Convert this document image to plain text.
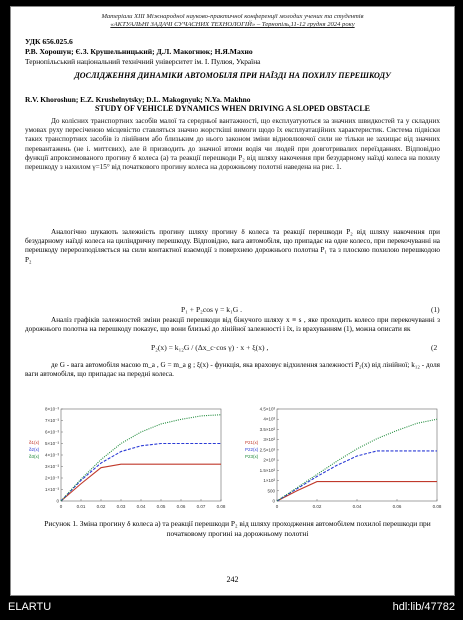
Матеріали XIII Міжнародної науково-практичної конференції молодих учених та студентів
«АКТУАЛЬНІ ЗАДАЧІ СУЧАСНИХ ТЕХНОЛОГІЙ» – Тернопіль,11-12 грудня 2024 року
УДК 656.025.6
Р.В. Хорошун; Є.З. Крушельницький; Д.Л. Макогнюк; Н.Я.Махно
Тернопільський національний технічний університет ім. І. Пулюя, Україна
ДОСЛІДЖЕННЯ ДИНАМІКИ АВТОМОБІЛЯ ПРИ НАЇЗДІ НА ПОХИЛУ ПЕРЕШКОДУ
R.V. Khoroshun; E.Z. Krushelnytsky; D.L. Makognyuk; N.Ya. Makhno
STUDY OF VEHICLE DYNAMICS WHEN DRIVING A SLOPED OBSTACLE

До колісних транспортних засобів малої та середньої вантажності, що експлуатуються за значних швидкостей та у складних умовах руху пересіченою місцевістю ставляться значно жорсткіші вимоги щодо їх експлуатаційних характеристик. Система підвіски таких транспортних засобів із лінійним або близьким до нього законом зміни відновлюючої сили не тільки не захищає від значних перевантажень (не і. миттєвих), але й призводить до значної втоми водія чи людей при довготривалих переїзданнях. Відповідно функції апроксимованого прогину δ колеса (а) та реакції перешкоди P₂ від шляху накочення при безударному наїзді колеса на похилу перешкоду з нахилом γ=15° від початкового прогину колеса на дорожньому полотні наведена на рис. 1.

Аналогічно шукають залежність прогину шляху прогину δ колеса та реакції перешкоди P₂ від шляху накочення при безударному наїзді колеса на циліндричну перешкоду. Відповідно, вага автомобіля, що припадає на одне колесо, при перекочуванні на перешкоду перерозподіляється на сили контактної взаємодії з поверхнею дорожнього полотна P₁ та з плоскою похилою перешкодою P₂

P₁ + P₂cos γ = k₁G .	(1)

Аналіз графіків залежностей зміни реакції перешкоди від біжучого шляху x ≡ s , яке проходить колесо при перекочуванні з дорожнього полотна на перешкоду показує, що вони близькі до лінійної залежності і їх, із врахуванням (1), можна описати як

P₂(x) = k₁₂G / (Δx_c·cos γ) · x + ξ(x) ,	(2

де G - вага автомобіля масою m_a , G = m_a g ; ξ(x) - функція, яка враховує відхилення залежності P₂(x) від лінійної; k₁₂ - доля ваги автомобіля, що припадає на передні колеса.

0
1×10⁻³
2×10⁻³
3×10⁻³
4×10⁻³
5×10⁻³
6×10⁻³
7×10⁻³
8×10⁻³
0	0.01 0.02 0.03 0.04 0.05 0.06 0.07 0.08
δ1(x)
δ2(x)
δ3(x)
0
500
1×10³
1.5×10³
2×10³
2.5×10³
3×10³
3.5×10³
4×10³
4.5×10³
0	0.02	0.04	0.06	0.08
P21(x)
P22(x)
P23(x)
Рисунок 1. Зміна прогину δ колеса а) та реакції перешкоди P₂ від шляху проходження автомобілем похилої перешкоди при початковому прогині на дорожньому полотні
242
ELARTU	hdl:lib/47782
